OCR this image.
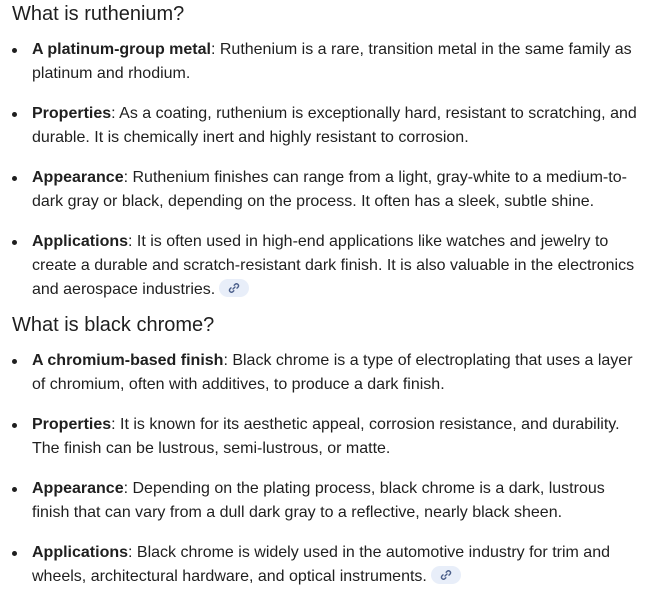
What is ruthenium?
A platinum-group metal: Ruthenium is a rare, transition metal in the same family as platinum and rhodium.
Properties: As a coating, ruthenium is exceptionally hard, resistant to scratching, and durable. It is chemically inert and highly resistant to corrosion.
Appearance: Ruthenium finishes can range from a light, gray-white to a medium-to-dark gray or black, depending on the process. It often has a sleek, subtle shine.
Applications: It is often used in high-end applications like watches and jewelry to create a durable and scratch-resistant dark finish. It is also valuable in the electronics and aerospace industries.
What is black chrome?
A chromium-based finish: Black chrome is a type of electroplating that uses a layer of chromium, often with additives, to produce a dark finish.
Properties: It is known for its aesthetic appeal, corrosion resistance, and durability. The finish can be lustrous, semi-lustrous, or matte.
Appearance: Depending on the plating process, black chrome is a dark, lustrous finish that can vary from a dull dark gray to a reflective, nearly black sheen.
Applications: Black chrome is widely used in the automotive industry for trim and wheels, architectural hardware, and optical instruments.
